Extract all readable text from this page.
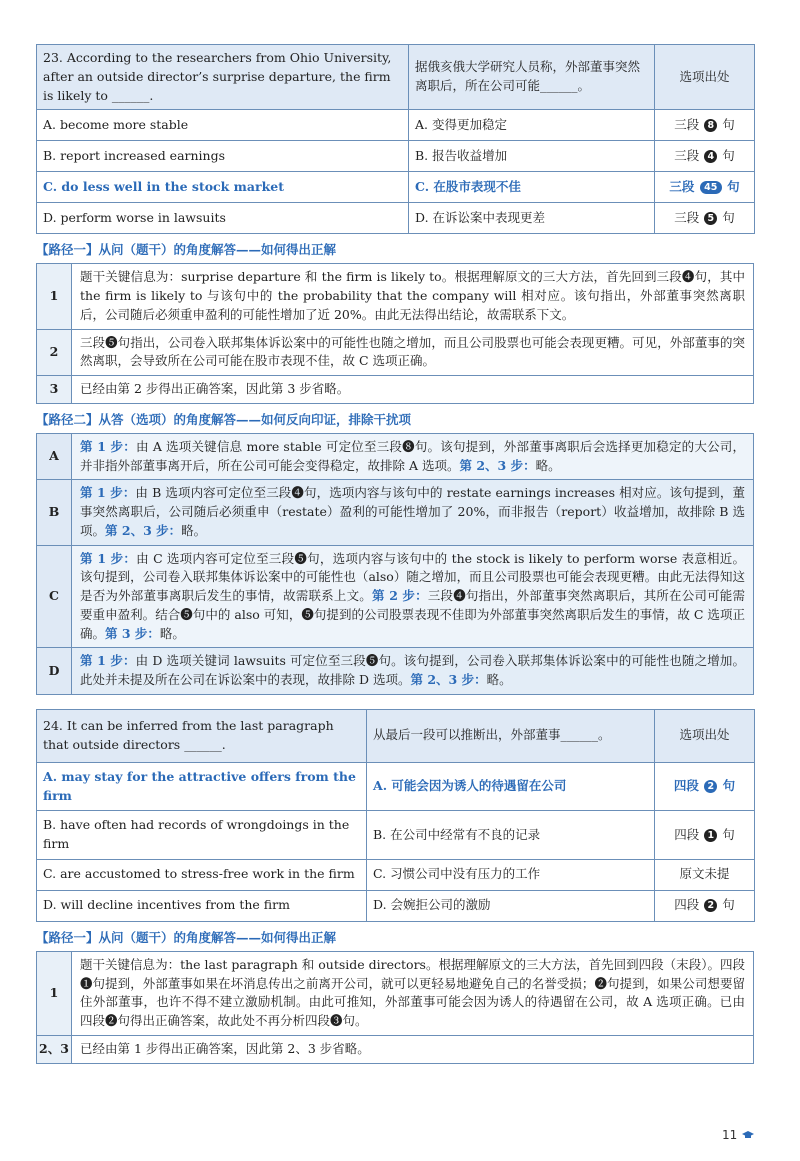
23. According to the researchers from Ohio University, after an outside director’s surprise departure, the firm is likely to ______.	据俄亥俄大学研究人员称，外部董事突然离职后，所在公司可能______。	选项出处
A. become more stable	A. 变得更加稳定	三段 8 句
B. report increased earnings	B. 报告收益增加	三段 4 句
C. do less well in the stock market	C. 在股市表现不佳	三段 45 句
D. perform worse in lawsuits	D. 在诉讼案中表现更差	三段 5 句
【路径一】从问（题干）的角度解答——如何得出正解
1	题干关键信息为：surprise departure 和 the firm is likely to。根据理解原文的三大方法，首先回到三段❹句，其中 the firm is likely to 与该句中的 the probability that the company will 相对应。该句指出，外部董事突然离职后，公司随后必须重申盈利的可能性增加了近 20%。由此无法得出结论，故需联系下文。
2	三段❺句指出，公司卷入联邦集体诉讼案中的可能性也随之增加，而且公司股票也可能会表现更糟。可见，外部董事的突然离职，会导致所在公司可能在股市表现不佳，故 C 选项正确。
3	已经由第 2 步得出正确答案，因此第 3 步省略。
【路径二】从答（选项）的角度解答——如何反向印证，排除干扰项
A	第 1 步：由 A 选项关键信息 more stable 可定位至三段❽句。该句提到，外部董事离职后会选择更加稳定的大公司，并非指外部董事离开后，所在公司可能会变得稳定，故排除 A 选项。第 2、3 步：略。
B	第 1 步：由 B 选项内容可定位至三段❹句，选项内容与该句中的 restate earnings increases 相对应。该句提到，董事突然离职后，公司随后必须重申（restate）盈利的可能性增加了 20%，而非报告（report）收益增加，故排除 B 选项。第 2、3 步：略。
C	第 1 步：由 C 选项内容可定位至三段❺句，选项内容与该句中的 the stock is likely to perform worse 表意相近。该句提到，公司卷入联邦集体诉讼案中的可能性也（also）随之增加，而且公司股票也可能会表现更糟。由此无法得知这是否为外部董事离职后发生的事情，故需联系上文。第 2 步：三段❹句指出，外部董事突然离职后，其所在公司可能需要重申盈利。结合❺句中的 also 可知，❺句提到的公司股票表现不佳即为外部董事突然离职后发生的事情，故 C 选项正确。第 3 步：略。
D	第 1 步：由 D 选项关键词 lawsuits 可定位至三段❺句。该句提到，公司卷入联邦集体诉讼案中的可能性也随之增加。此处并未提及所在公司在诉讼案中的表现，故排除 D 选项。第 2、3 步：略。
24. It can be inferred from the last paragraph that outside directors ______.	从最后一段可以推断出，外部董事______。	选项出处
A. may stay for the attractive offers from the firm	A. 可能会因为诱人的待遇留在公司	四段 2 句
B. have often had records of wrongdoings in the firm	B. 在公司中经常有不良的记录	四段 1 句
C. are accustomed to stress-free work in the firm	C. 习惯公司中没有压力的工作	原文未提
D. will decline incentives from the firm	D. 会婉拒公司的激励	四段 2 句
【路径一】从问（题干）的角度解答——如何得出正解
1	题干关键信息为：the last paragraph 和 outside directors。根据理解原文的三大方法，首先回到四段（末段）。四段❶句提到，外部董事如果在坏消息传出之前离开公司，就可以更轻易地避免自己的名誉受损；❷句提到，如果公司想要留住外部董事，也许不得不建立激励机制。由此可推知，外部董事可能会因为诱人的待遇留在公司，故 A 选项正确。已由四段❷句得出正确答案，故此处不再分析四段❸句。
2、3	已经由第 1 步得出正确答案，因此第 2、3 步省略。
11
